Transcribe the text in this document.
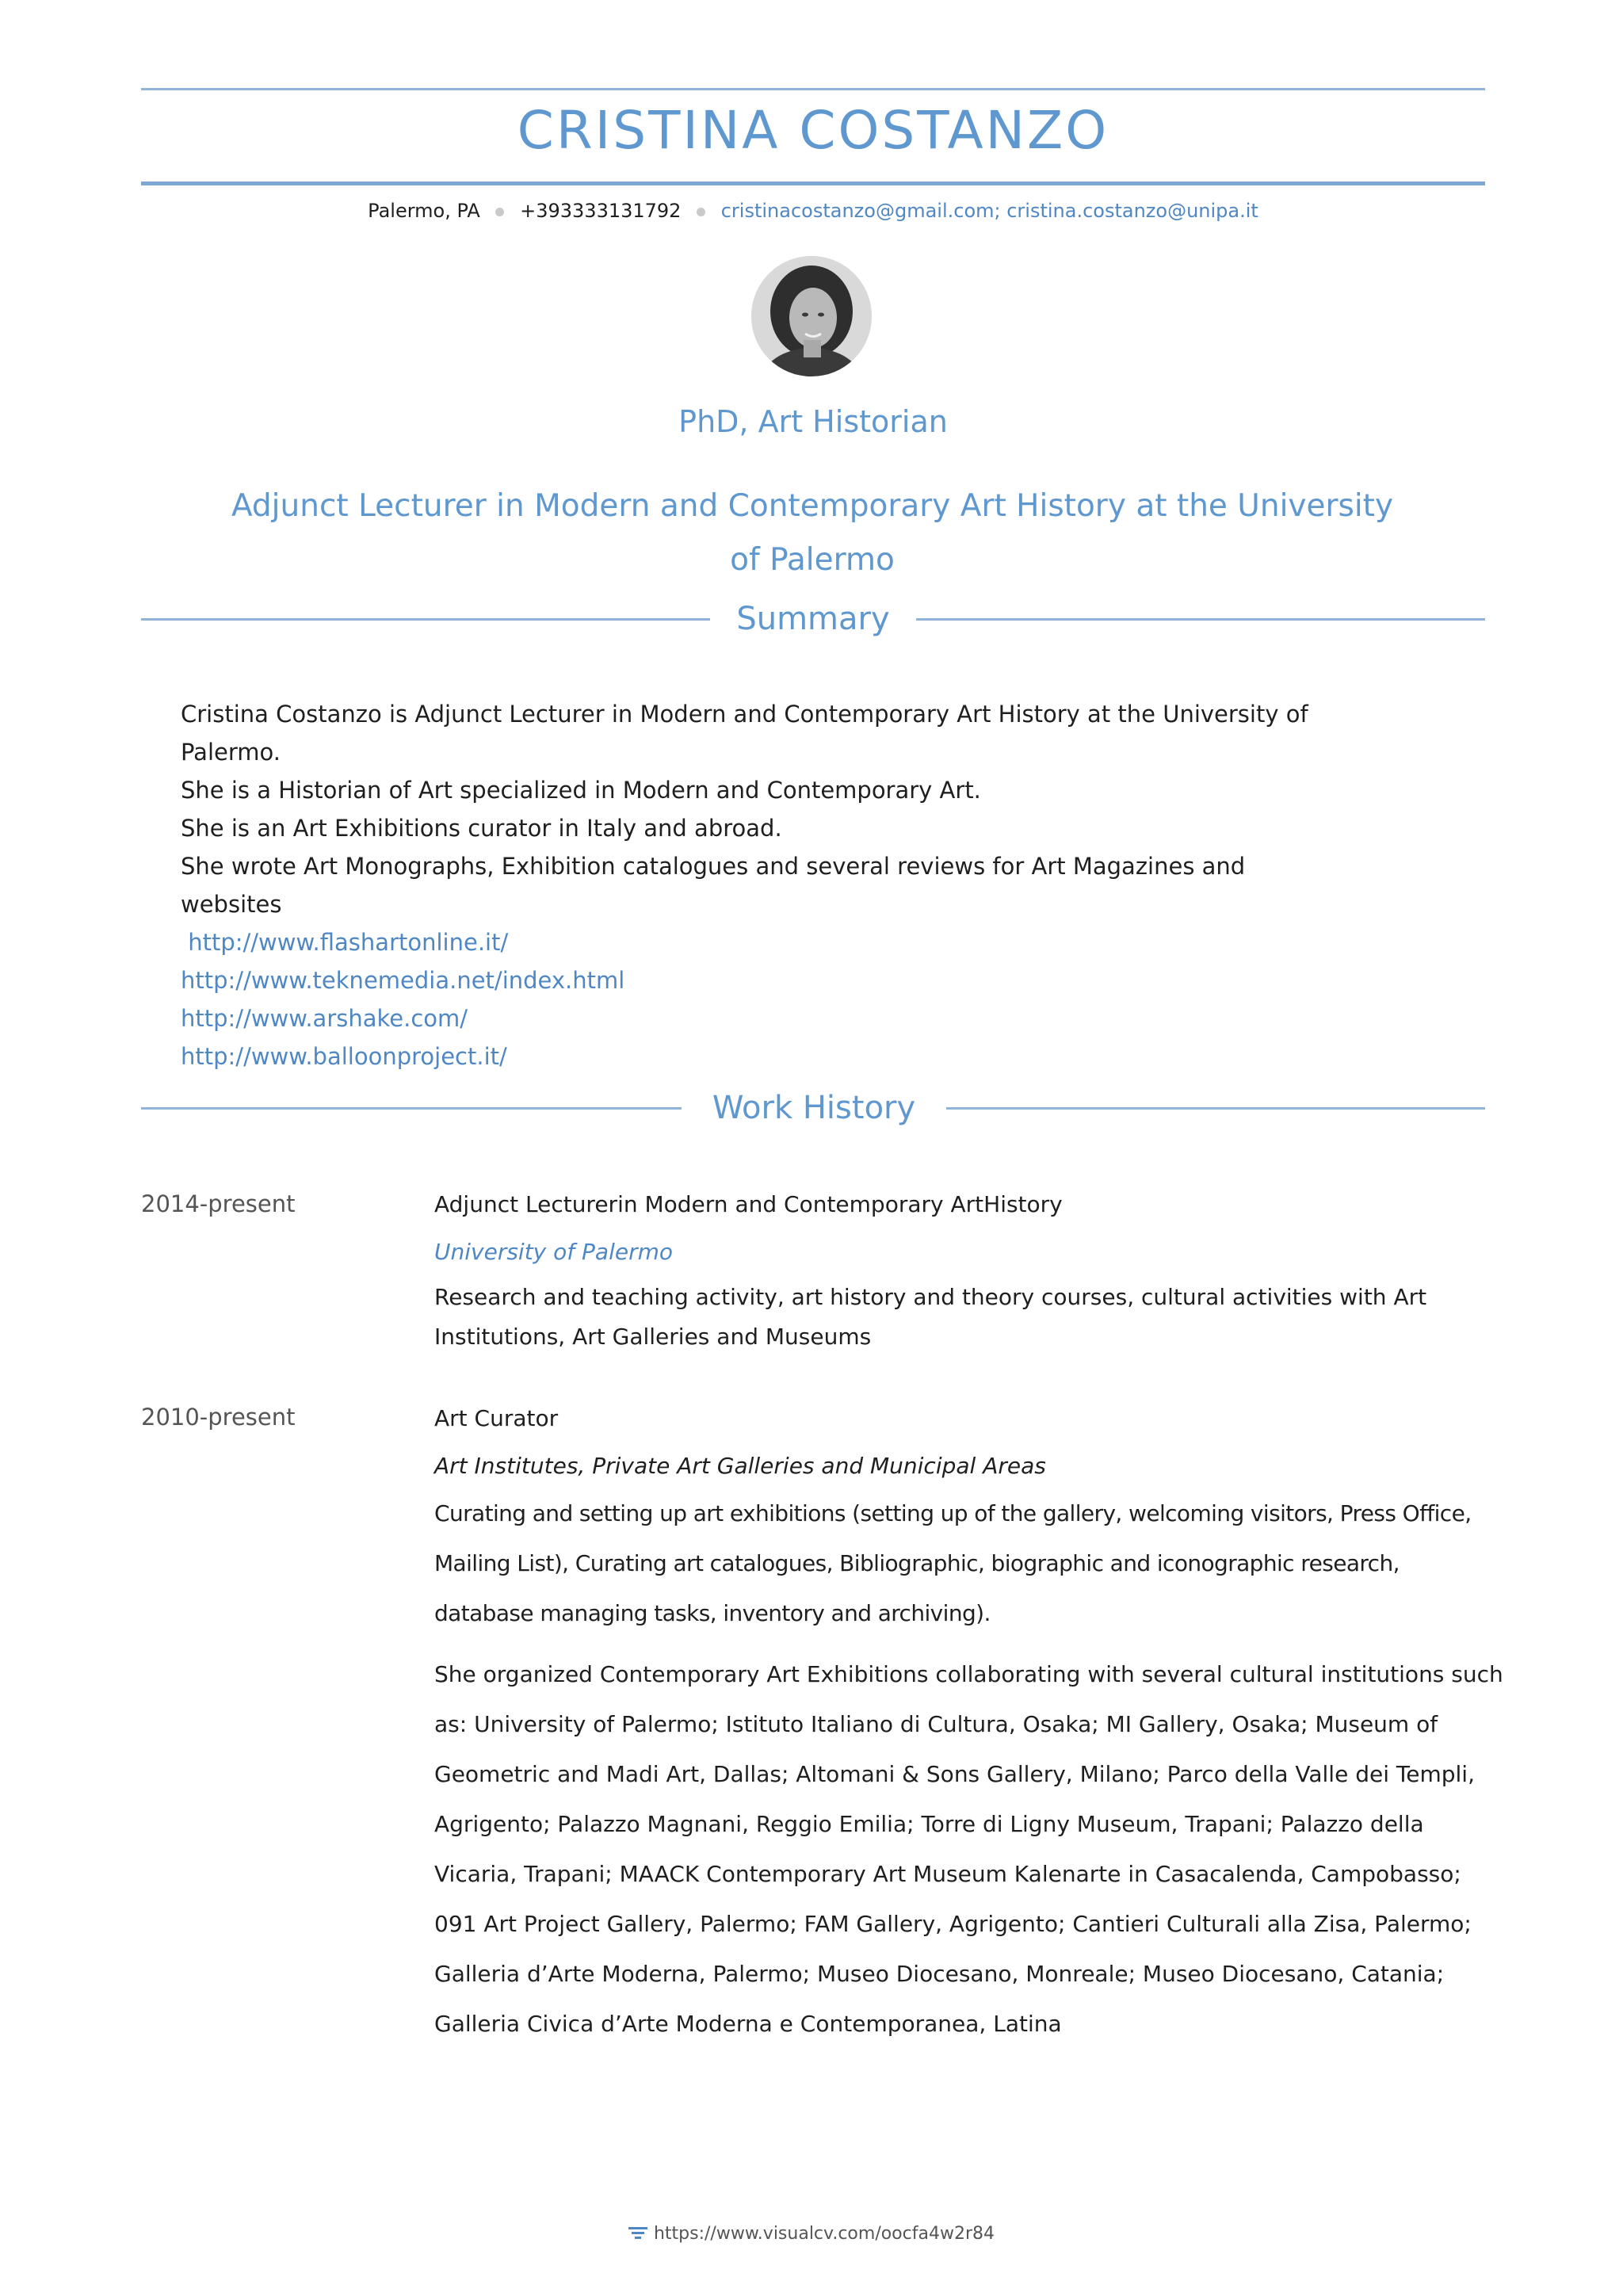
CRISTINA COSTANZO
Palermo, PA +393333131792 cristinacostanzo@gmail.com; cristina.costanzo@unipa.it
PhD, Art Historian
Adjunct Lecturer in Modern and Contemporary Art History at the University of Palermo
Summary
Cristina Costanzo is Adjunct Lecturer in Modern and Contemporary Art History at the University of
Palermo.
She is a Historian of Art specialized in Modern and Contemporary Art.
She is an Art Exhibitions curator in Italy and abroad.
She wrote Art Monographs, Exhibition catalogues and several reviews for Art Magazines and
websites
http://www.flashartonline.it/
http://www.teknemedia.net/index.html
http://www.arshake.com/
http://www.balloonproject.it/
Work History
2014-present	Adjunct Lecturerin Modern and Contemporary ArtHistory
University of Palermo
Research and teaching activity, art history and theory courses, cultural activities with Art Institutions, Art Galleries and Museums
2010-present	Art Curator
Art Institutes, Private Art Galleries and Municipal Areas
Curating and setting up art exhibitions (setting up of the gallery, welcoming visitors, Press Office, Mailing List), Curating art catalogues, Bibliographic, biographic and iconographic research, database managing tasks, inventory and archiving).
She organized Contemporary Art Exhibitions collaborating with several cultural institutions such as: University of Palermo; Istituto Italiano di Cultura, Osaka; MI Gallery, Osaka; Museum of Geometric and Madi Art, Dallas; Altomani & Sons Gallery, Milano; Parco della Valle dei Templi, Agrigento; Palazzo Magnani, Reggio Emilia; Torre di Ligny Museum, Trapani; Palazzo della Vicaria, Trapani; MAACK Contemporary Art Museum Kalenarte in Casacalenda, Campobasso; 091 Art Project Gallery, Palermo; FAM Gallery, Agrigento; Cantieri Culturali alla Zisa, Palermo; Galleria d’Arte Moderna, Palermo; Museo Diocesano, Monreale; Museo Diocesano, Catania; Galleria Civica d’Arte Moderna e Contemporanea, Latina
https://www.visualcv.com/oocfa4w2r84
